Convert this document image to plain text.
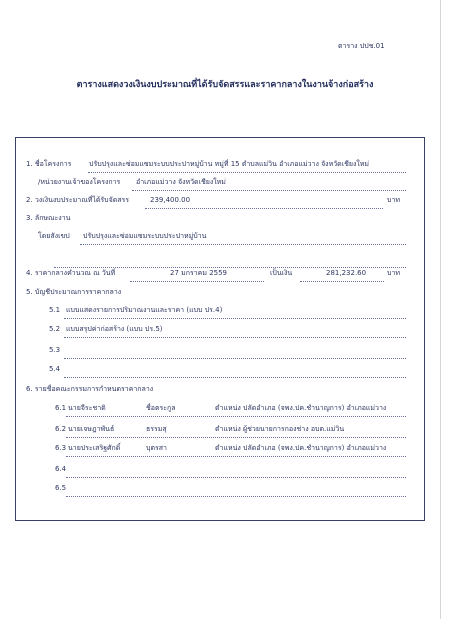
ตาราง ปปช.01
ตารางแสดงวงเงินงบประมาณที่ได้รับจัดสรรและราคากลางในงานจ้างก่อสร้าง
1. ชื่อโครงการ	ปรับปรุงและซ่อมแซมระบบประปาหมู่บ้าน หมู่ที่ 15 ตำบลแม่วิน อำเภอแม่วาง จังหวัดเชียงใหม่
/หน่วยงานเจ้าของโครงการ อำเภอแม่วาง จังหวัดเชียงใหม่
2. วงเงินงบประมาณที่ได้รับจัดสรร	239,400.00	บาท
3. ลักษณะงาน
โดยสังเขป ปรับปรุงและซ่อมแซมระบบประปาหมู่บ้าน
4. ราคากลางคำนวณ ณ วันที่	27 มกราคม 2559	เป็นเงิน	281,232.60	บาท
5. บัญชีประมาณการราคากลาง
5.1 แบบแสดงรายการปริมาณงานและราคา (แบบ ปร.4)
5.2 แบบสรุปค่าก่อสร้าง (แบบ ปร.5)
5.3
5.4
6. รายชื่อคณะกรรมการกำหนดราคากลาง
6.1 นายจีระชาติ	ชื่อตระกูล	ตำแหน่ง ปลัดอำเภอ (จพง.ปค.ชำนาญการ) อำเภอแม่วาง
6.2 นายเจษฎาพันธ์	ธรรมสุ	ตำแหน่ง ผู้ช่วยนายการกองช่าง อบต.แม่วิน
6.3 นายประเสริฐศักดิ์	บุตรสา	ตำแหน่ง ปลัดอำเภอ (จพง.ปค.ชำนาญการ) อำเภอแม่วาง
6.4
6.5
